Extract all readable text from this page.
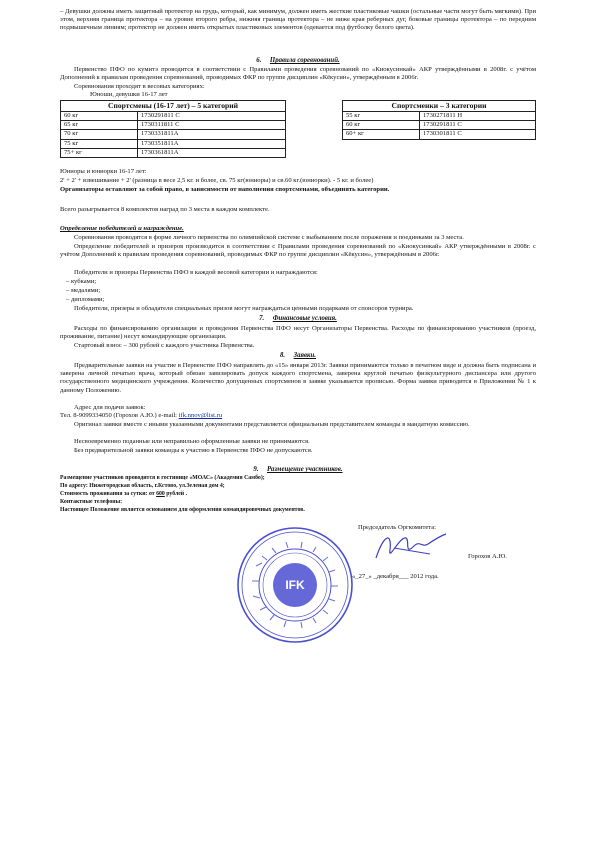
– Девушки должны иметь защитный протектор на грудь, который, как минимум, должен иметь жесткие пластиковые чашки (остальные части могут быть мягкими). При этом, верхняя граница протектора – на уровне второго ребра, нижняя граница протектора – не ниже края реберных дуг, боковые границы протектора – по передним подмышечным линиям; протектор не должен иметь открытых пластиковых элементов (одевается под футболку белого цвета).

6. Правила соревнований.

Первенство ПФО по кумитэ проводится в соответствии с Правилами проведения соревнований по «Киокусинкай» АКР утверждёнными в 2008г. с учётом Дополнений к правилам проведения соревнований, проводимых ФКР по группе дисциплин «Кёкусин», утверждённым в 2006г.

Соревнования проходят в весовых категориях:

Юноши, девушки 16-17 лет

Спортсмены (16-17 лет) – 5 категорий	
60 кг	1730291811 С
65 кг	1730311811 С
70 кг	1730331811А
75 кг	1730351811А
75+ кг	1730361811А
Спортсменки – 3 категории	
55 кг	1730271811 Н
60 кг	1730291811 С
60+ кг	1730301811 С

Юниоры и юниорки 16-17 лет:

2' + 2' + взвешивание + 2' (разница в весе 2,5 кг. и более, св. 75 кг(юниоры) и св.60 кг.(юниорки). - 5 кг. и более)

Организаторы оставляют за собой право, в зависимости от наполнения спортсменами, объединять категории.

Всего разыгрывается 8 комплектов наград по 3 места в каждом комплекте.

Определение победителей и награждение.

Соревнования проводятся в форме личного первенства по олимпийской системе с выбыванием после поражения и поединками за 3 места.

Определение победителей и призеров производится в соответствии с Правилами проведения соревнований по «Киокусинкай» АКР утверждёнными в 2008г. с учётом Дополнений к правилам проведения соревнований, проводимых ФКР по группе дисциплин «Кёкусин», утверждённым в 2006г.

Победители и призеры Первенства ПФО в каждой весовой категории и награждаются:

– кубками;

– медалями;

– дипломами;

Победители, призеры и обладатели специальных призов могут награждаться ценными подарками от спонсоров турнира.

7. Финансовые условия.

Расходы по финансированию организации и проведения Первенства ПФО несут Организаторы Первенства. Расходы по финансированию участников (проезд, проживание, питание) несут командирующие организации.

Стартовый взнос – 300 рублей с каждого участника Первенства.

8. Заявки.

Предварительные заявки на участие в Первенстве ПФО направлять до «15» января 2013г. Заявки принимаются только в печатном виде и должна быть подписана и заверена личной печатью врача, который обязан завизировать допуск каждого спортсмена, заверена круглой печатью физкультурного диспансера или другого государственного медицинского учреждения. Количество допущенных спортсменов в заявке указывается прописью. Форма заявки приводится в Приложении № 1 к данному Положению.

Адрес для подачи заявок:

Тел. 8-9099334050 (Горохов А.Ю.) e-mail: ifk.nnov@list.ru

Оригинал заявки вместе с иными указанными документами представляется официальным представителем команды в мандатную комиссию.

Несвоевременно поданные или неправильно оформленные заявки не принимаются.

Без предварительной заявки команды к участию в Первенстве ПФО не допускаются.

9. Размещение участников.

Размещение участников проводится в гостинице «МОАС» (Академия Самбо);

По адресу: Нижегородская область, г.Кстово, ул.Зеленая дом 4;

Стоимость проживания за сутки: от 600 рублей .

Контактные телефоны:

Настоящее Положение является основанием для оформления командировочных документов.

Председатель Оргкомитета:

Горохов А.Ю.

«_27_» _декабря___ 2012 года.

IFK
